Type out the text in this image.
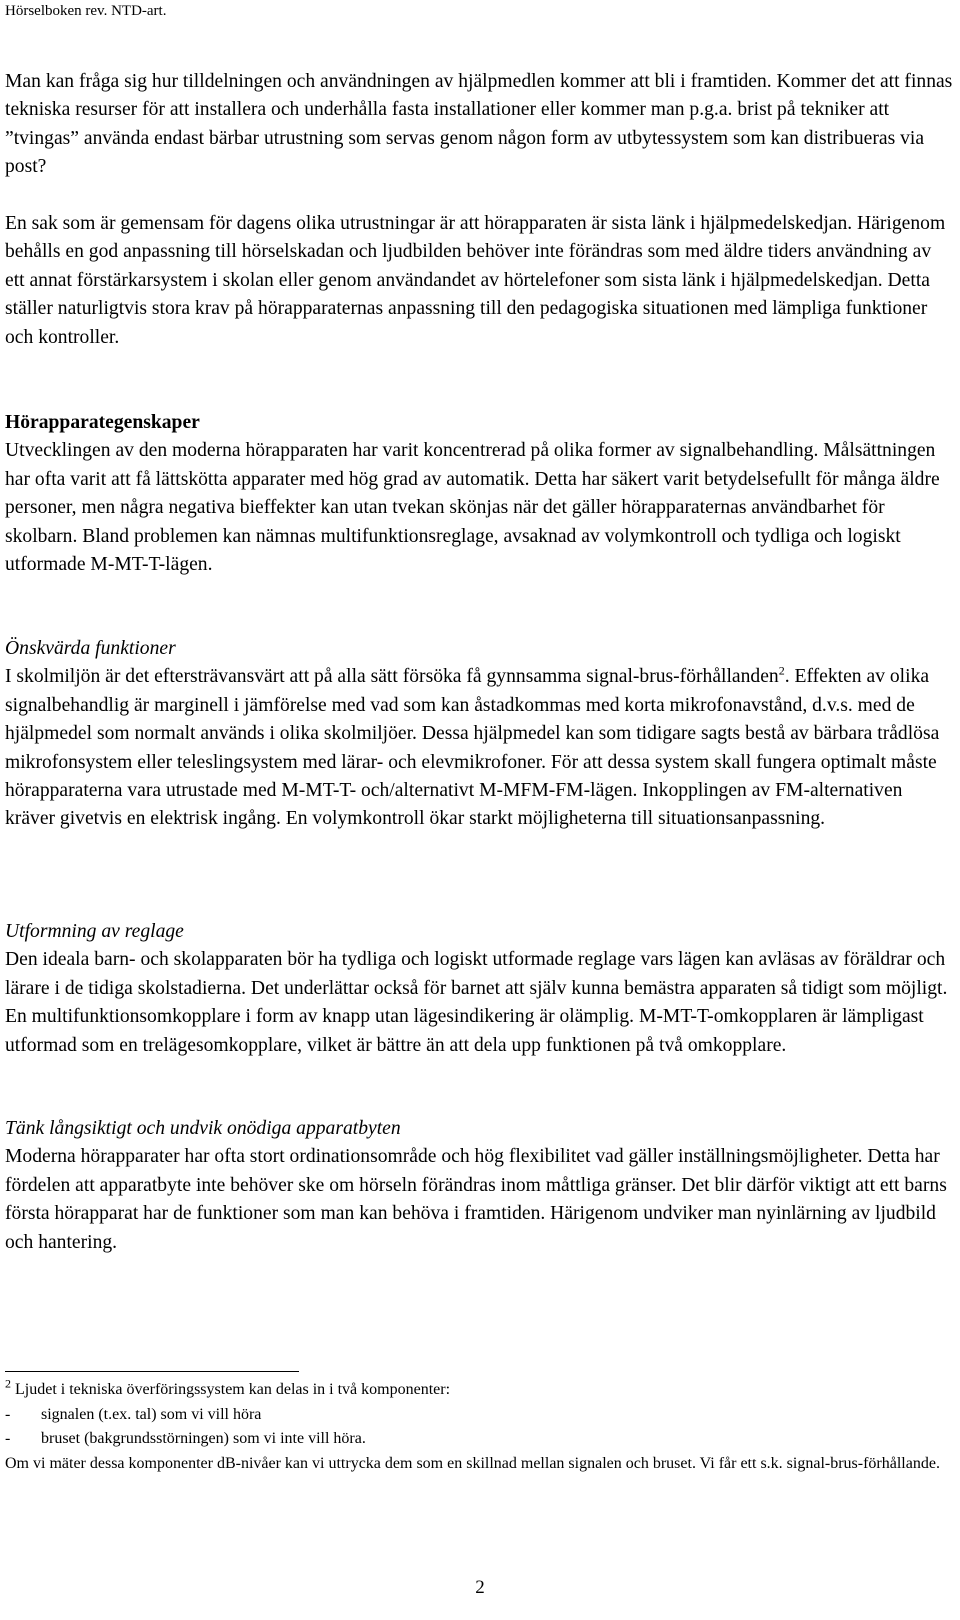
Hörselboken rev. NTD-art.

Man kan fråga sig hur tilldelningen och användningen av hjälpmedlen kommer att bli i framtiden. Kommer det att finnas tekniska resurser för att installera och underhålla fasta installationer eller kommer man p.g.a. brist på tekniker att ”tvingas” använda endast bärbar utrustning som servas genom någon form av utbytessystem som kan distribueras via post?

En sak som är gemensam för dagens olika utrustningar är att hörapparaten är sista länk i hjälpmedelskedjan. Härigenom behålls en god anpassning till hörselskadan och ljudbilden behöver inte förändras som med äldre tiders användning av ett annat förstärkarsystem i skolan eller genom användandet av hörtelefoner som sista länk i hjälpmedelskedjan. Detta ställer naturligtvis stora krav på hörapparaternas anpassning till den pedagogiska situationen med lämpliga funktioner och kontroller.

Hörapparategenskaper

Utvecklingen av den moderna hörapparaten har varit koncentrerad på olika former av signalbehandling. Målsättningen har ofta varit att få lättskötta apparater med hög grad av automatik. Detta har säkert varit betydelsefullt för många äldre personer, men några negativa bieffekter kan utan tvekan skönjas när det gäller hörapparaternas användbarhet för skolbarn. Bland problemen kan nämnas multifunktionsreglage, avsaknad av volymkontroll och tydliga och logiskt utformade M-MT-T-lägen.

Önskvärda funktioner

I skolmiljön är det eftersträvansvärt att på alla sätt försöka få gynnsamma signal-brus-förhållanden$^2$. Effekten av olika signalbehandlig är marginell i jämförelse med vad som kan åstadkommas med korta mikrofonavstånd, d.v.s. med de hjälpmedel som normalt används i olika skolmiljöer. Dessa hjälpmedel kan som tidigare sagts bestå av bärbara trådlösa mikrofonsystem eller teleslingsystem med lärar- och elevmikrofoner. För att dessa system skall fungera optimalt måste hörapparaterna vara utrustade med M-MT-T- och/alternativt M-MFM-FM-lägen. Inkopplingen av FM-alternativen kräver givetvis en elektrisk ingång. En volymkontroll ökar starkt möjligheterna till situationsanpassning.

Utformning av reglage

Den ideala barn- och skolapparaten bör ha tydliga och logiskt utformade reglage vars lägen kan avläsas av föräldrar och lärare i de tidiga skolstadierna. Det underlättar också för barnet att själv kunna bemästra apparaten så tidigt som möjligt. En multifunktionsomkopplare i form av knapp utan lägesindikering är olämplig. M-MT-T-omkopplaren är lämpligast utformad som en trelägesomkopplare, vilket är bättre än att dela upp funktionen på två omkopplare.

Tänk långsiktigt och undvik onödiga apparatbyten

Moderna hörapparater har ofta stort ordinationsområde och hög flexibilitet vad gäller inställningsmöjligheter. Detta har fördelen att apparatbyte inte behöver ske om hörseln förändras inom måttliga gränser. Det blir därför viktigt att ett barns första hörapparat har de funktioner som man kan behöva i framtiden. Härigenom undviker man nyinlärning av ljudbild och hantering.

$^2$ Ljudet i tekniska överföringssystem kan delas in i två komponenter:
-	signalen (t.ex. tal) som vi vill höra
-	bruset (bakgrundsstörningen) som vi inte vill höra.
Om vi mäter dessa komponenter dB-nivåer kan vi uttrycka dem som en skillnad mellan signalen och bruset. Vi får ett s.k. signal-brus-förhållande.
2
